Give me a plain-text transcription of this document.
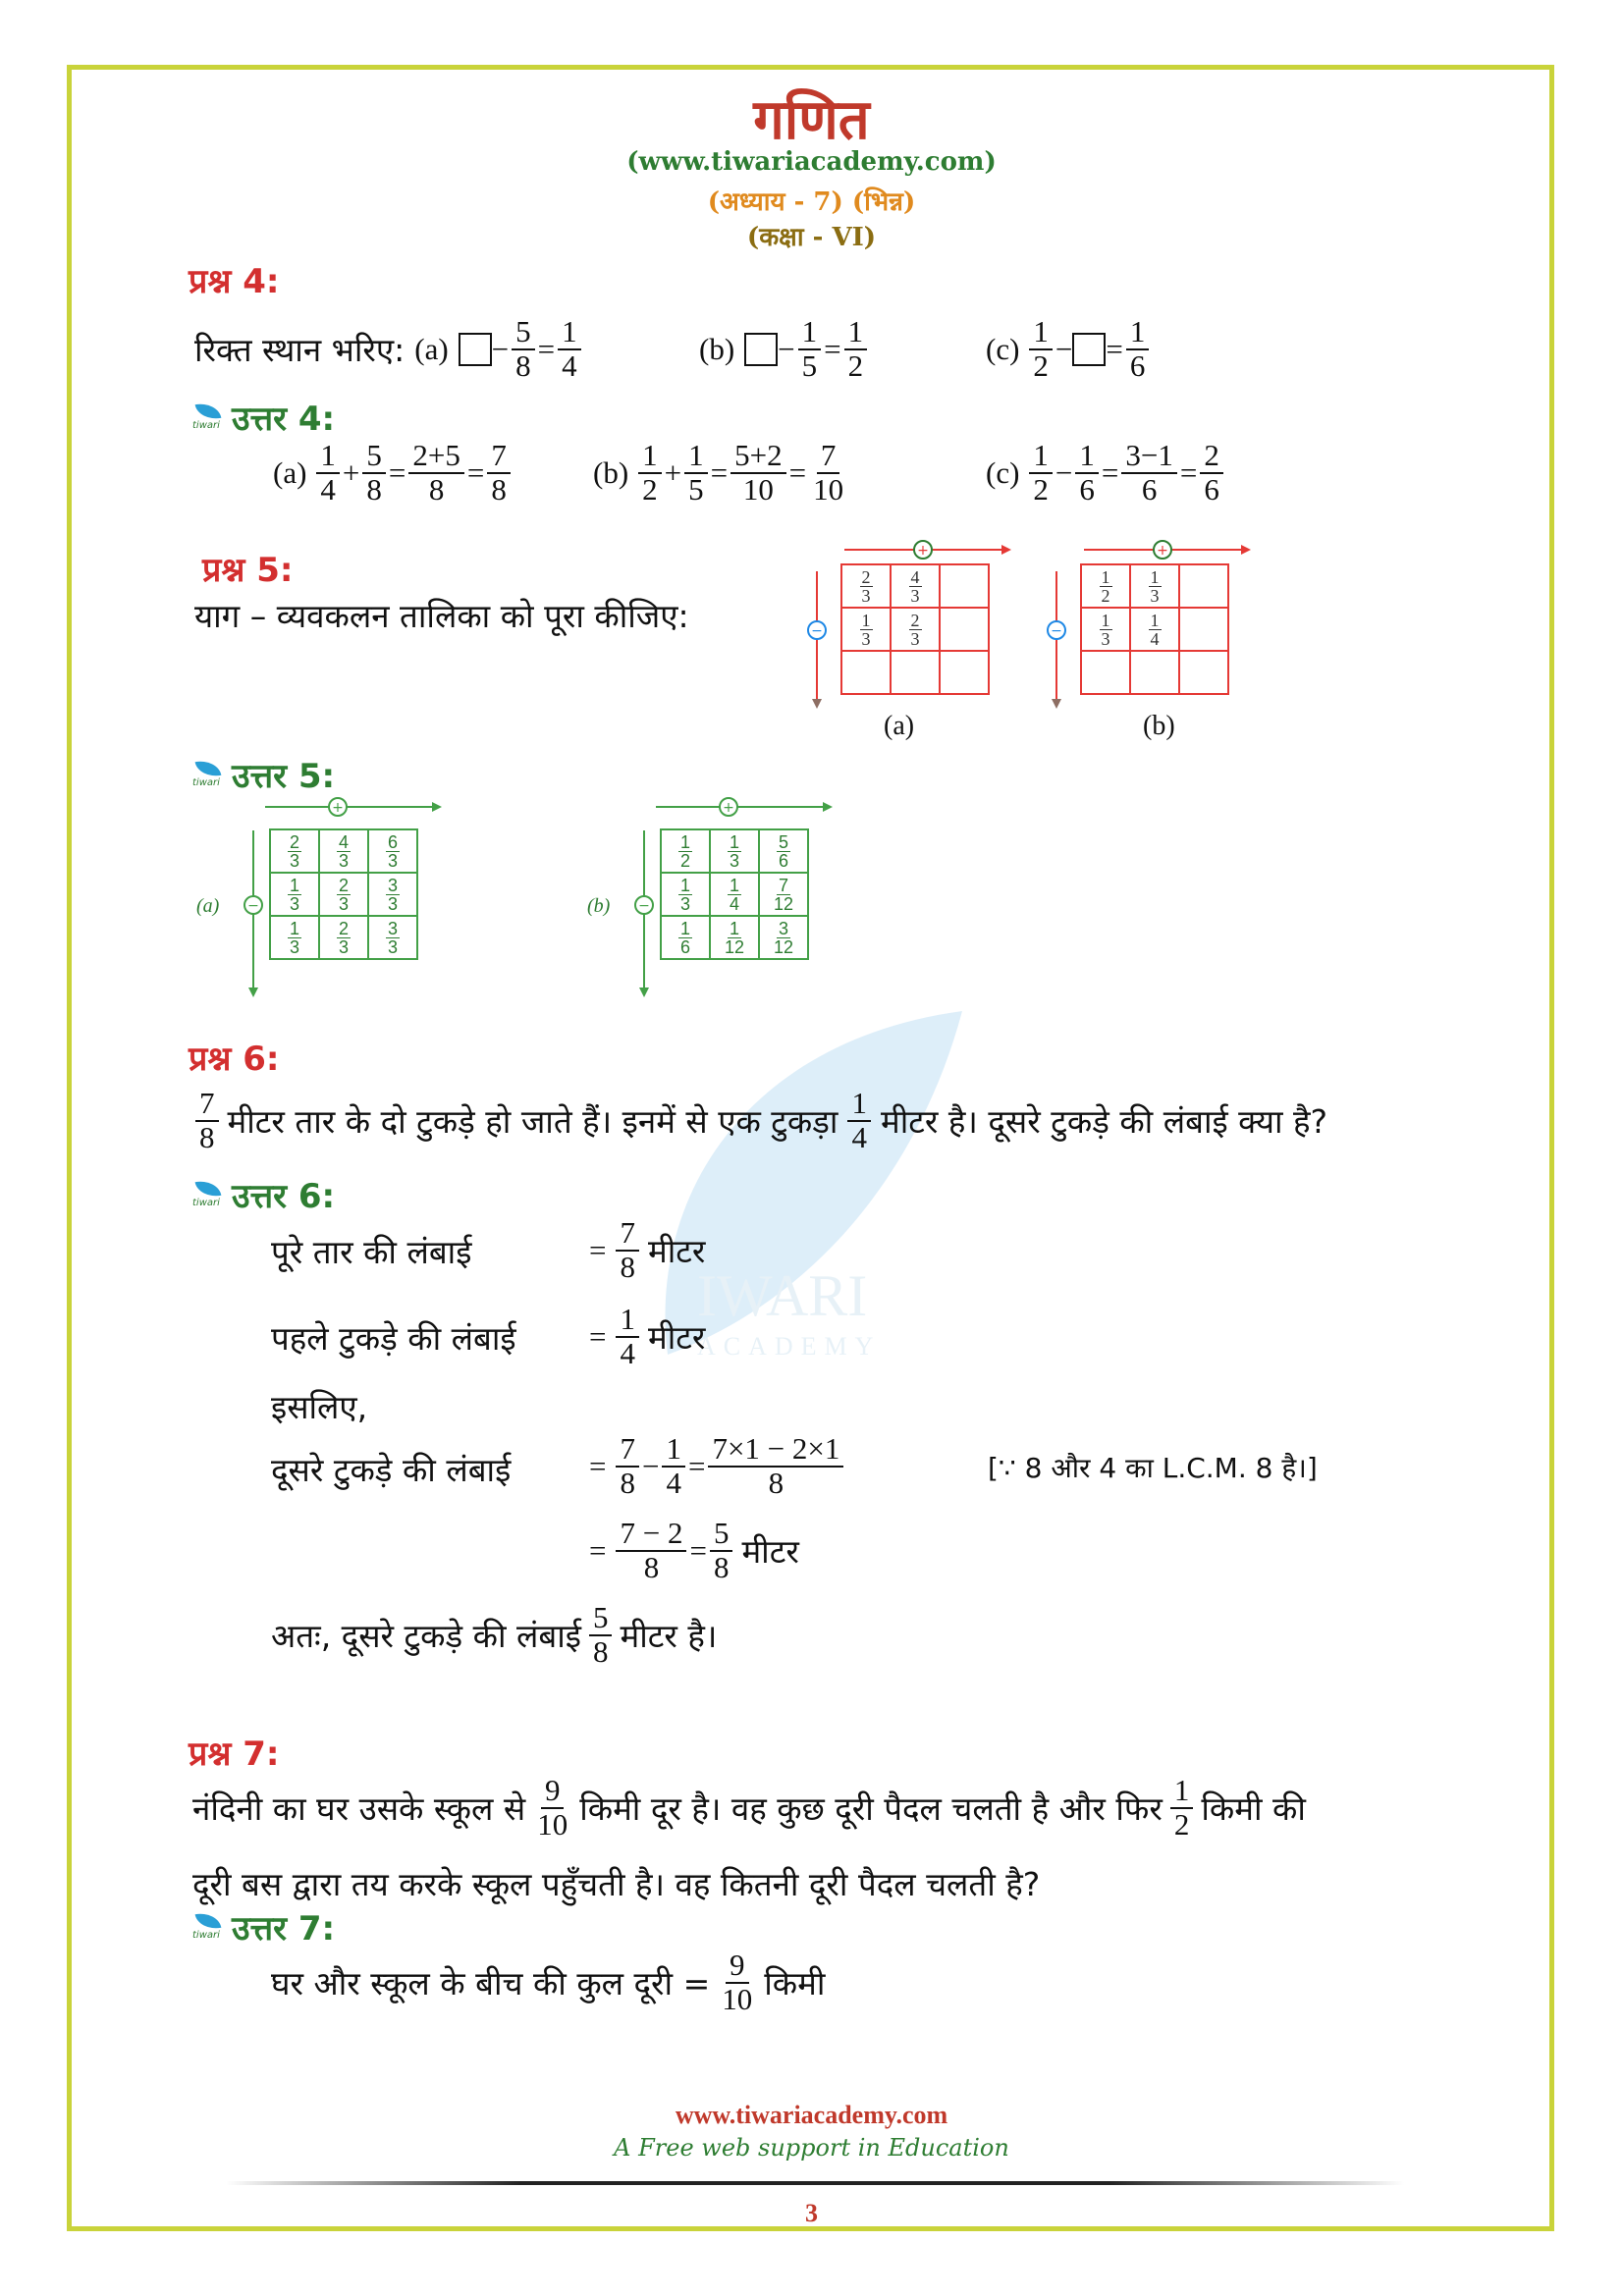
IWARI
ACADEMY
गणित
(www.tiwariacademy.com)
(अध्याय - 7) (भिन्न)
(कक्षा - VI)
प्रश्न 4:
रिक्त स्थान भरिए: $(a) - \frac{5}{8} = \frac{1}{4}$	$(b) - \frac{1}{5} = \frac{1}{2}$	$(c) \frac{1}{2}$ − = $\frac{1}{6}$
tiwari उत्तर 4:
$(a) \frac{1}{4} + \frac{5}{8} = \frac{2+5}{8} = \frac{7}{8}$	$(b) \frac{1}{2} + \frac{1}{5} = \frac{5+2}{10} = \frac{7}{10}$	$(c) \frac{1}{2} - \frac{1}{6} = \frac{3-1}{6} = \frac{2}{6}$
प्रश्न 5:
याग – व्यवकलन तालिका को पूरा कीजिए:
+
−
$\frac{2}{3}$	$\frac{4}{3}$

$\frac{1}{3}$	$\frac{2}{3}$

(a)
+
−
$\frac{1}{2}$	$\frac{1}{3}$

$\frac{1}{3}$	$\frac{1}{4}$

(b)
tiwari उत्तर 5:
(a)
+
−
$\frac{2}{3}$	$\frac{4}{3}$	$\frac{6}{3}$

$\frac{1}{3}$	$\frac{2}{3}$	$\frac{3}{3}$

$\frac{1}{3}$	$\frac{2}{3}$	$\frac{3}{3}$
(b)
+
−
$\frac{1}{2}$	$\frac{1}{3}$	$\frac{5}{6}$

$\frac{1}{3}$	$\frac{1}{4}$	$\frac{7}{12}$

$\frac{1}{6}$	$\frac{1}{12}$	$\frac{3}{12}$
प्रश्न 6:
$\frac{7}{8}$ मीटर तार के दो टुकड़े हो जाते हैं। इनमें से एक टुकड़ा $\frac{1}{4}$ मीटर है। दूसरे टुकड़े की लंबाई क्या है?
tiwari उत्तर 6:
पूरे तार की लंबाई	= $\frac{7}{8}$ मीटर
पहले टुकड़े की लंबाई = $\frac{1}{4}$ मीटर
इसलिए,
दूसरे टुकड़े की लंबाई	= $\frac{7}{8} - \frac{1}{4} = \frac{7\times 1 - 2\times 1}{8}$	[∵ 8 और 4 का L.C.M. 8 है।]
= $\frac{7 - 2}{8} = \frac{5}{8}$ मीटर
अतः, दूसरे टुकड़े की लंबाई $\frac{5}{8}$ मीटर है।
प्रश्न 7:
नंदिनी का घर उसके स्कूल से $\frac{9}{10}$ किमी दूर है। वह कुछ दूरी पैदल चलती है और फिर $\frac{1}{2}$ किमी की
दूरी बस द्वारा तय करके स्कूल पहुँचती है। वह कितनी दूरी पैदल चलती है?
tiwari उत्तर 7:
घर और स्कूल के बीच की कुल दूरी = $\frac{9}{10}$ किमी
www.tiwariacademy.com
A Free web support in Education
3
